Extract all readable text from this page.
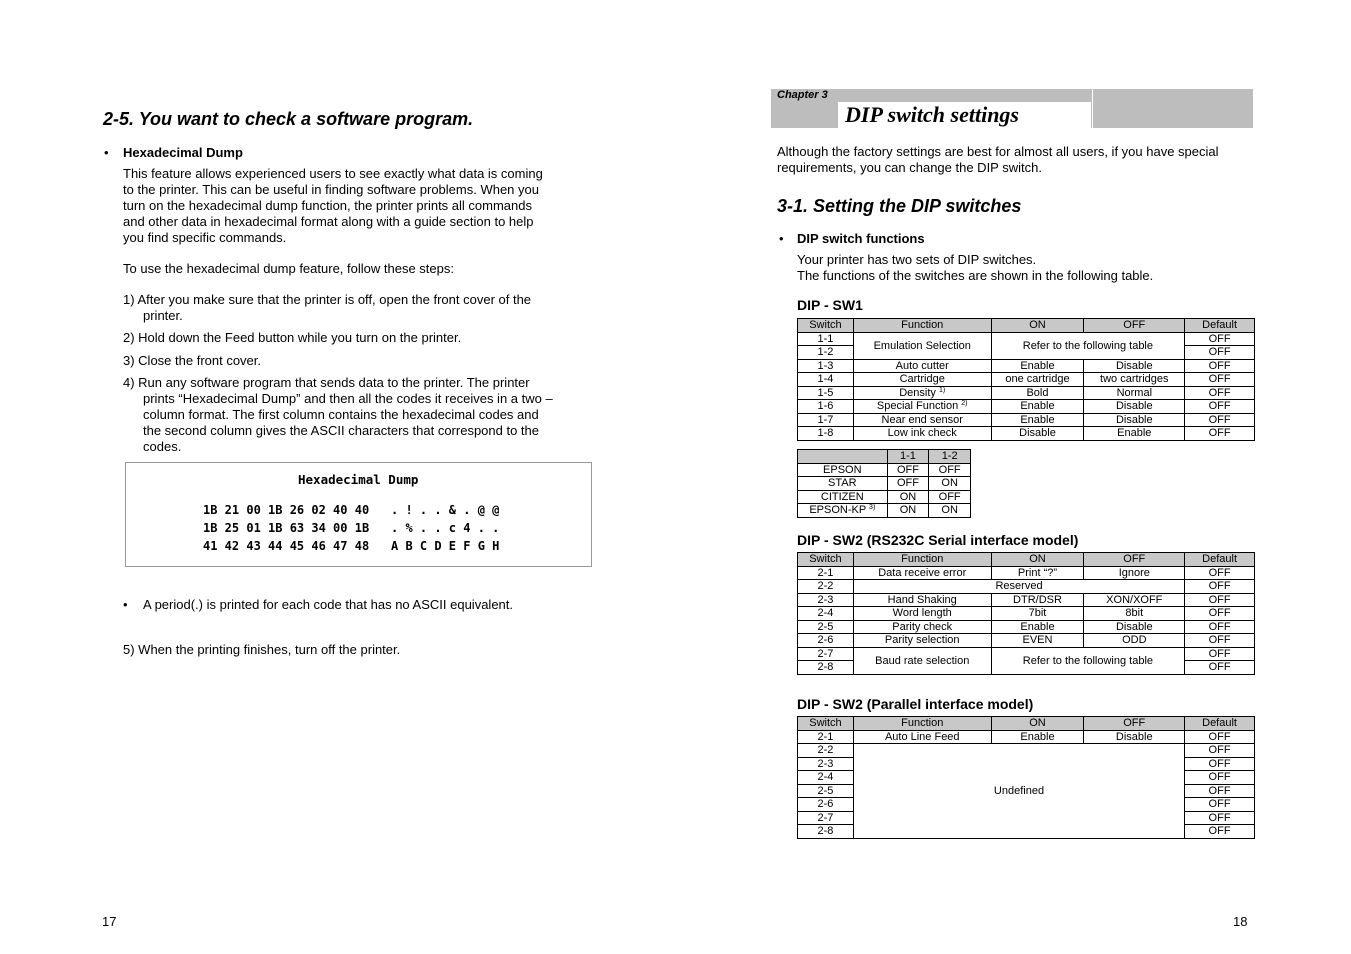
2-5. You want to check a software program.
• Hexadecimal Dump
This feature allows experienced users to see exactly what data is coming
to the printer. This can be useful in finding software problems. When you
turn on the hexadecimal dump function, the printer prints all commands
and other data in hexadecimal format along with a guide section to help
you find specific commands.
To use the hexadecimal dump feature, follow these steps:
1) After you make sure that the printer is off, open the front cover of the
printer.
2) Hold down the Feed button while you turn on the printer.
3) Close the front cover.
4) Run any software program that sends data to the printer. The printer
prints “Hexadecimal Dump” and then all the codes it receives in a two –
column format. The first column contains the hexadecimal codes and
the second column gives the ASCII characters that correspond to the
codes.
Hexadecimal Dump
1B 21 00 1B 26 02 40 40 . ! . . & . @ @
1B 25 01 1B 63 34 00 1B . % . . c 4 . .
41 42 43 44 45 46 47 48 A B C D E F G H
• A period(.) is printed for each code that has no ASCII equivalent.
5) When the printing finishes, turn off the printer.
17
Chapter 3
DIP switch settings
Although the factory settings are best for almost all users, if you have special
requirements, you can change the DIP switch.
3-1. Setting the DIP switches
• DIP switch functions
Your printer has two sets of DIP switches.
The functions of the switches are shown in the following table.
DIP - SW1
Switch	Function	ON	OFF	Default
1-1	Emulation Selection	Refer to the following table		OFF
1-2				OFF
1-3	Auto cutter	Enable	Disable	OFF
1-4	Cartridge	one cartridge	two cartridges	OFF
1-5	Density $^{1)}$	Bold	Normal	OFF
1-6	Special Function $^{2)}$	Enable	Disable	OFF
1-7	Near end sensor	Enable	Disable	OFF
1-8	Low ink check	Disable	Enable	OFF
	1-1	1-2
EPSON	OFF	OFF
STAR	OFF	ON
CITIZEN	ON	OFF
EPSON-KP $^{3)}$	ON	ON
DIP - SW2 (RS232C Serial interface model)
Switch	Function	ON	OFF	Default
2-1	Data receive error	Print “?”	Ignore	OFF
2-2	Reserved			OFF
2-3	Hand Shaking	DTR/DSR	XON/XOFF	OFF
2-4	Word length	7bit	8bit	OFF
2-5	Parity check	Enable	Disable	OFF
2-6	Parity selection	EVEN	ODD	OFF
2-7	Baud rate selection	Refer to the following table		OFF
2-8				OFF
DIP - SW2 (Parallel interface model)
Switch	Function	ON	OFF	Default
2-1	Auto Line Feed	Enable	Disable	OFF
2-2	Undefined			OFF
2-3				OFF
2-4				OFF
2-5				OFF
2-6				OFF
2-7				OFF
2-8				OFF
18
